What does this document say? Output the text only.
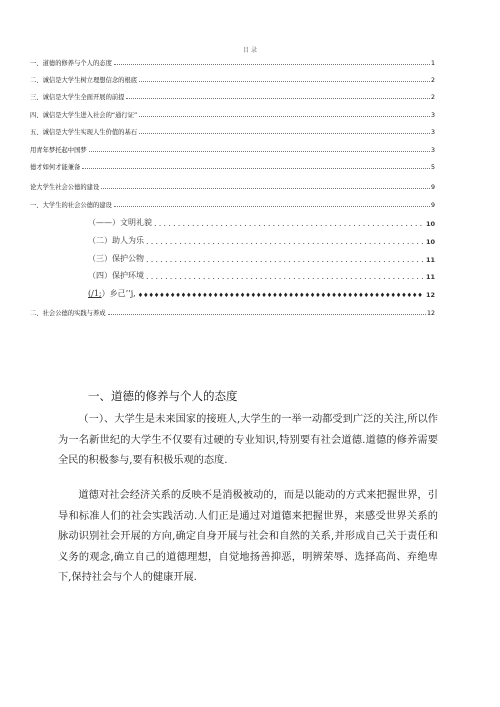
目 录
一、道德的修养与个人的态度	1
二、诚信是大学生树立理想信念的根底	2
三、诚信是大学生全面开展的前提	2
四、诚信是大学生进入社会的“通行证”	3
五、诚信是大学生实现人生价值的基石	3
用青年梦托起中国梦	3
德才如何才能兼备	5
论大学生社会公德的建设	9
一、大学生的社会公德的建设	9
（——）文明礼貌 .....	10
（二）助人为乐 .....	10
（三）保护公物 .....	11
（四）保护环境 .....	11
(/1;）乡己’’j, ♦♦♦♦♦♦♦♦♦♦♦♦♦♦♦♦♦♦♦♦♦♦♦♦♦♦♦♦♦♦♦♦♦♦♦♦♦♦♦♦♦♦♦♦♦♦♦♦♦♦♦♦♦♦♦♦♦♦♦♦♦♦♦♦♦♦♦♦♦♦♦♦♦♦♦♦	12
二、社会公德的实践与养成	12
一、道德的修养与个人的态度

（一）、大学生是未来国家的接班人,大学生的一举一动都受到广泛的关注,所以作为一名新世纪的大学生不仅要有过硬的专业知识,特别要有社会道德.道德的修养需要全民的积极参与,要有积极乐观的态度.

道德对社会经济关系的反映不是消极被动的，而是以能动的方式来把握世界，引导和标准人们的社会实践活动.人们正是通过对道德来把握世界，来感受世界关系的脉动识别社会开展的方向,确定自身开展与社会和自然的关系,并形成自己关于责任和义务的观念,确立自己的道德理想，自觉地扬善抑恶，明辨荣辱、选择高尚、弃绝卑下,保持社会与个人的健康开展.
